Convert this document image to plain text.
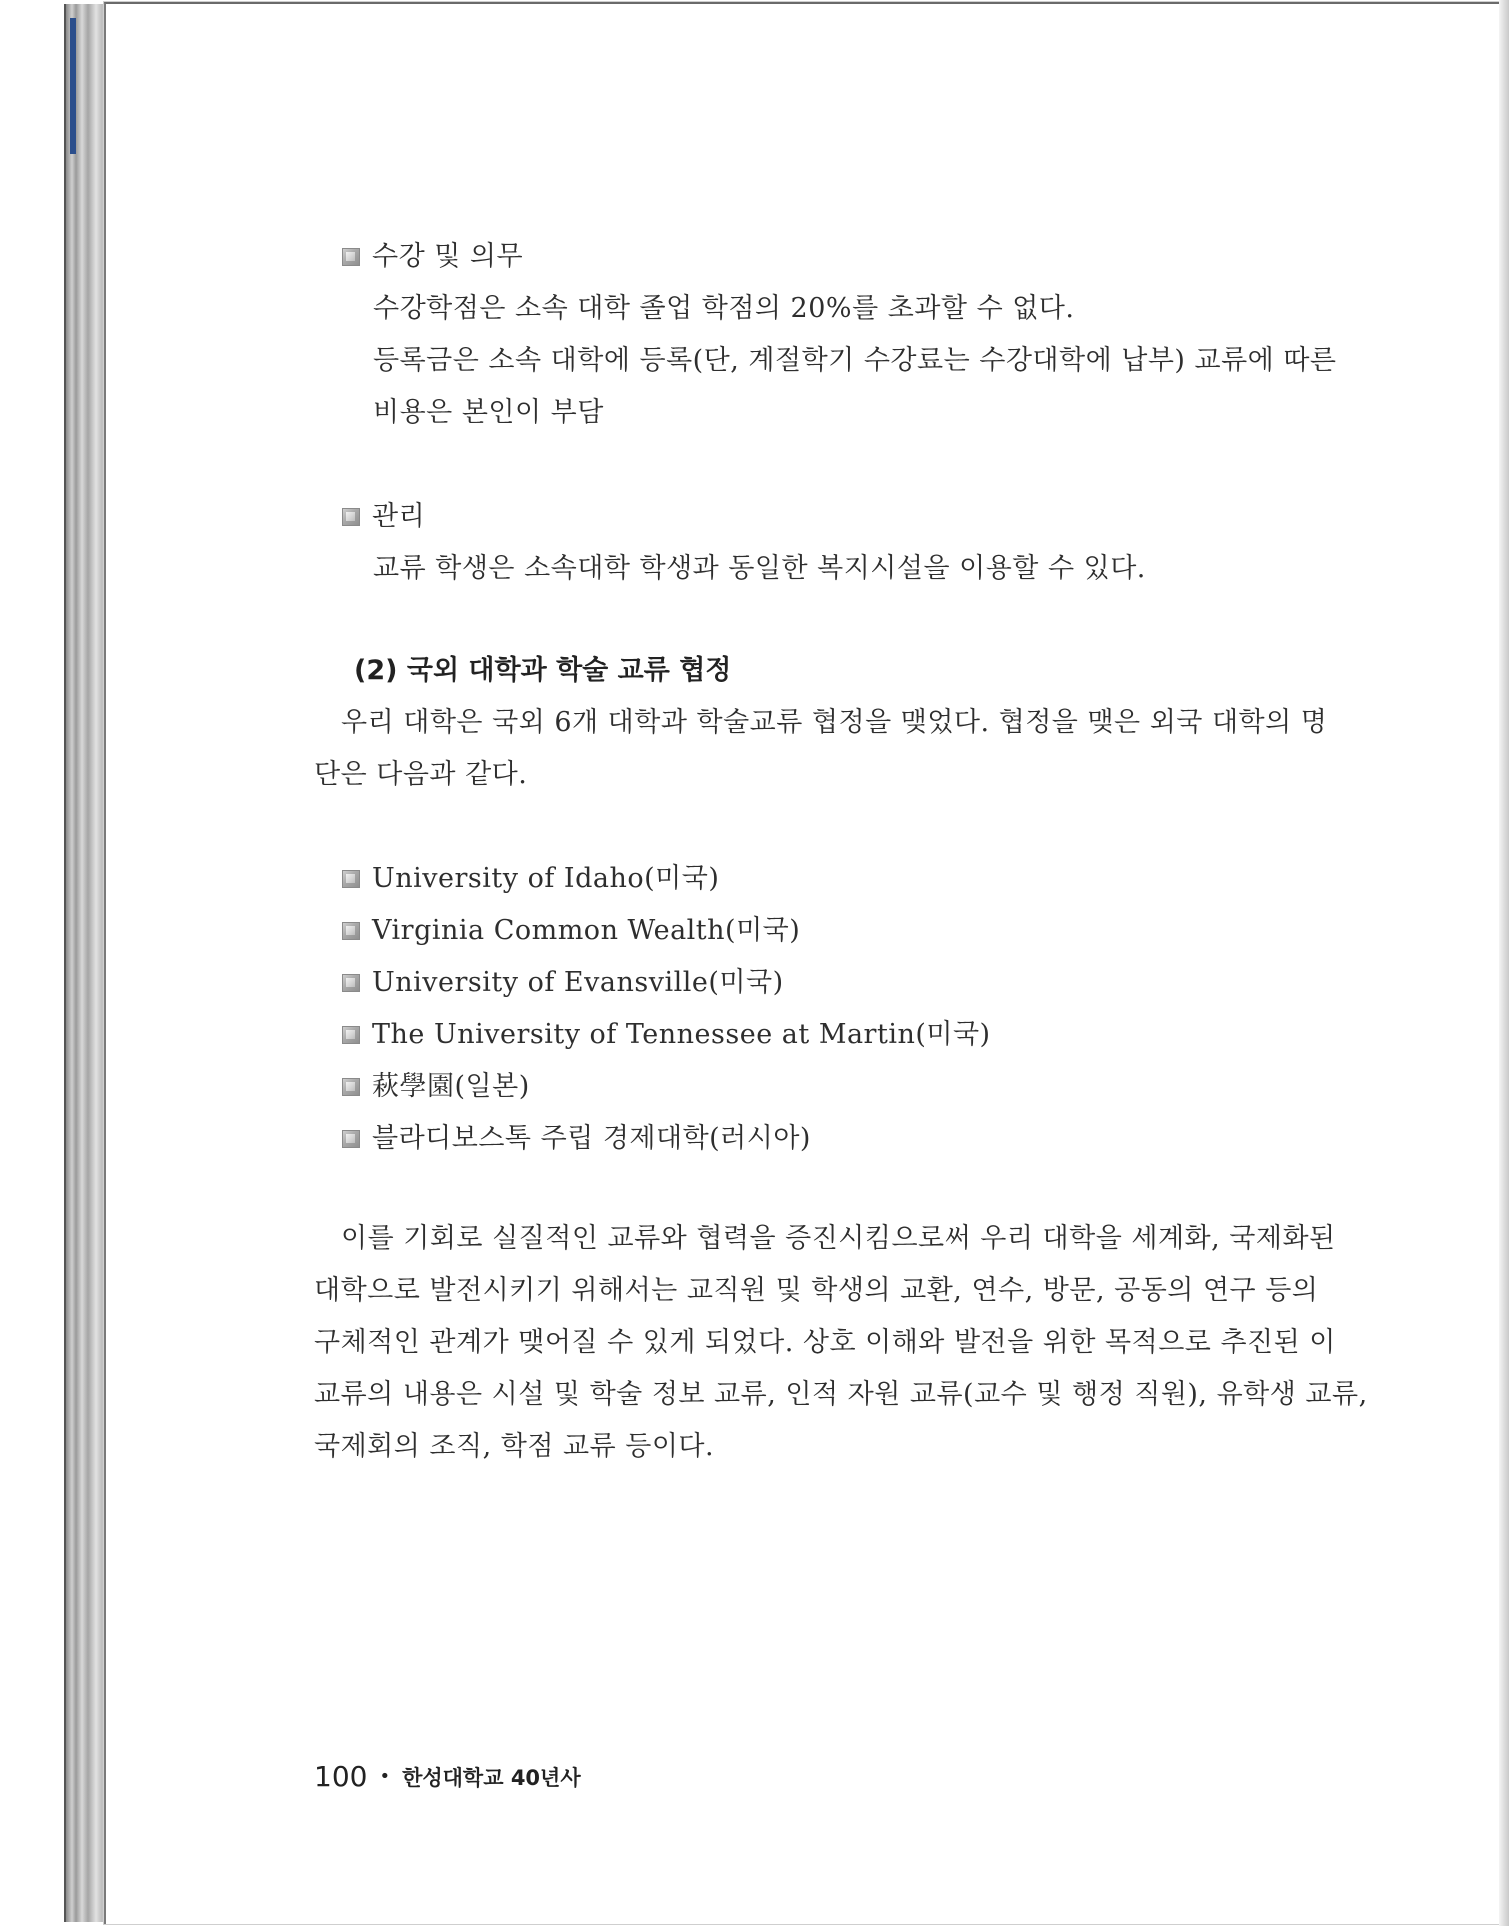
수강 및 의무
수강학점은 소속 대학 졸업 학점의 20%를 초과할 수 없다.
등록금은 소속 대학에 등록(단, 계절학기 수강료는 수강대학에 납부) 교류에 따른
비용은 본인이 부담
관리
교류 학생은 소속대학 학생과 동일한 복지시설을 이용할 수 있다.
(2) 국외 대학과 학술 교류 협정
우리 대학은 국외 6개 대학과 학술교류 협정을 맺었다. 협정을 맺은 외국 대학의 명
단은 다음과 같다.
University of Idaho(미국)
Virginia Common Wealth(미국)
University of Evansville(미국)
The University of Tennessee at Martin(미국)
萩學園(일본)
블라디보스톡 주립 경제대학(러시아)
이를 기회로 실질적인 교류와 협력을 증진시킴으로써 우리 대학을 세계화, 국제화된
대학으로 발전시키기 위해서는 교직원 및 학생의 교환, 연수, 방문, 공동의 연구 등의
구체적인 관계가 맺어질 수 있게 되었다. 상호 이해와 발전을 위한 목적으로 추진된 이
교류의 내용은 시설 및 학술 정보 교류, 인적 자원 교류(교수 및 행정 직원), 유학생 교류,
국제회의 조직, 학점 교류 등이다.
100 • 한성대학교 40년사
